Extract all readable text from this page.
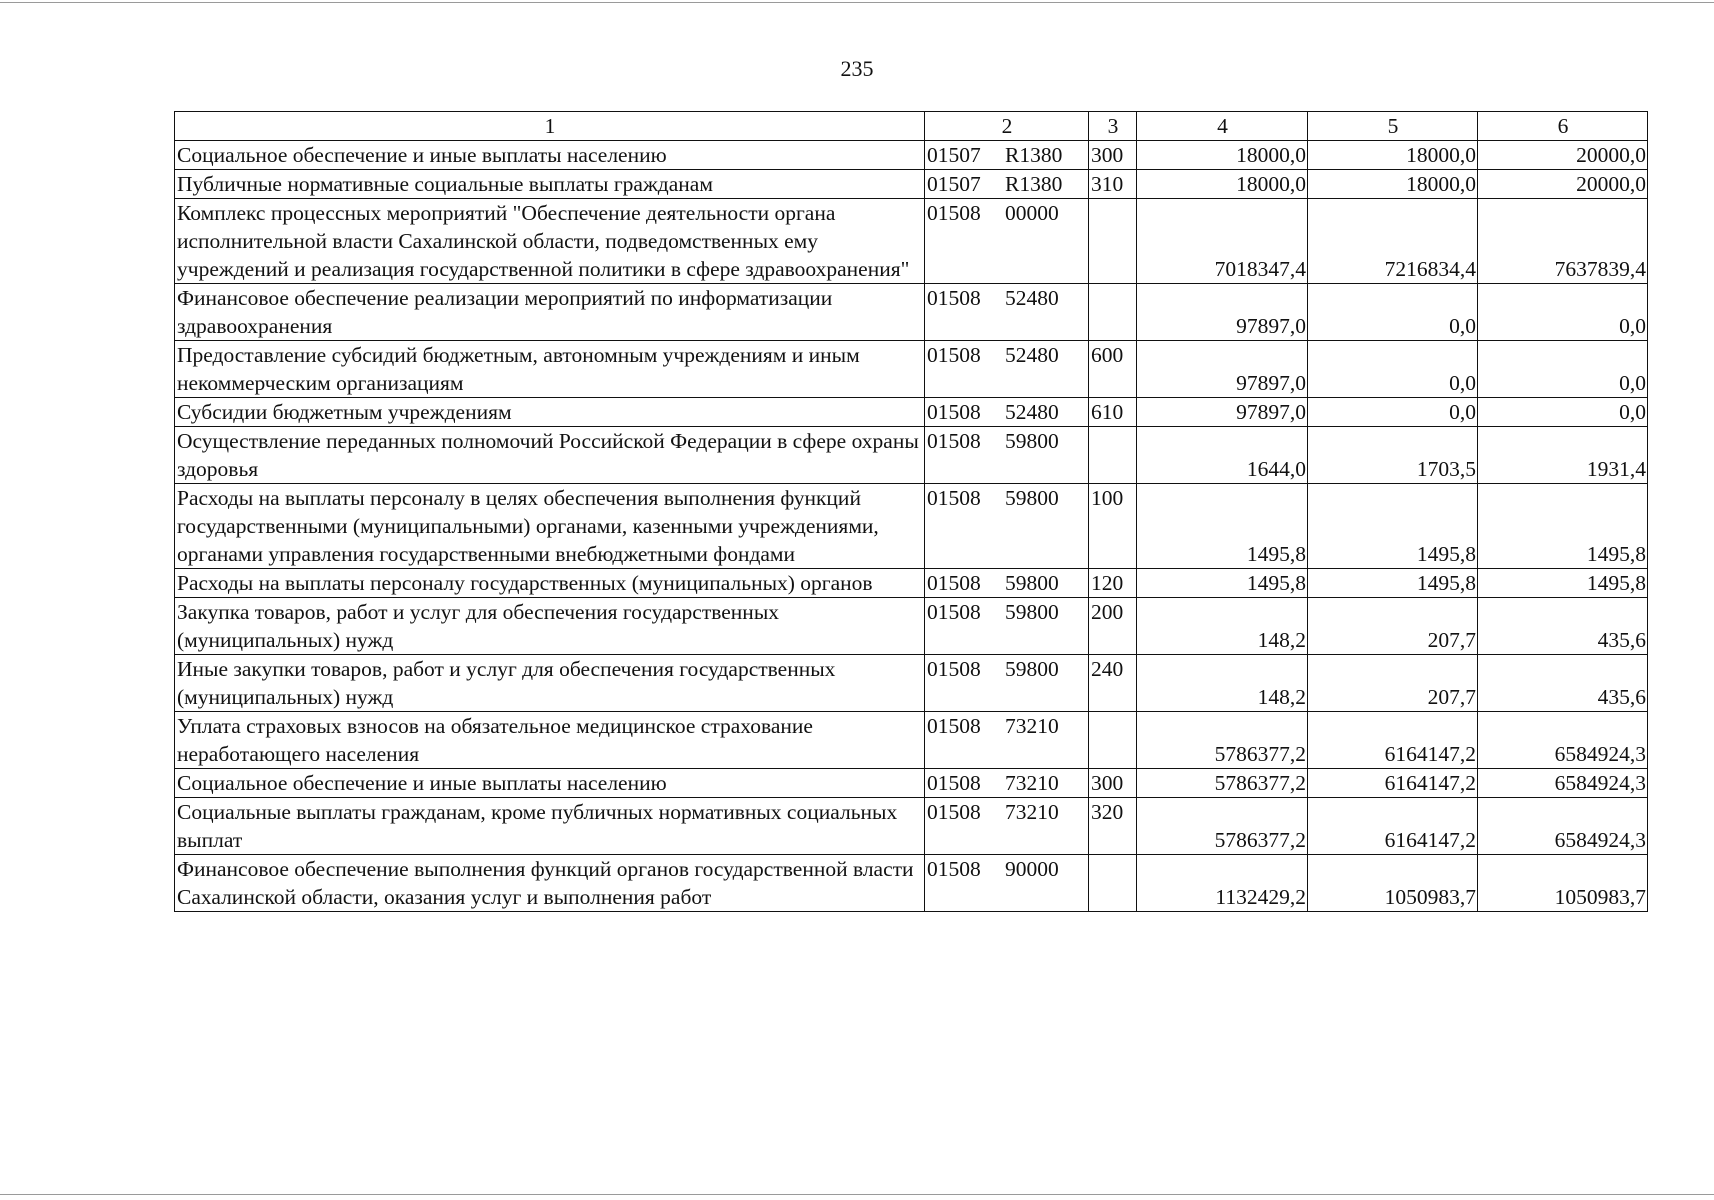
235
1	2	3	4	5	6
Социальное обеспечение и иные выплаты населению	01507 R1380	300	18000,0	18000,0	20000,0
Публичные нормативные социальные выплаты гражданам	01507 R1380	310	18000,0	18000,0	20000,0
Комплекс процессных мероприятий "Обеспечение деятельности органа исполнительной власти Сахалинской области, подведомственных ему учреждений и реализация государственной политики в сфере здравоохранения"	01508 00000		7018347,4	7216834,4	7637839,4
Финансовое обеспечение реализации мероприятий по информатизации здравоохранения	01508 52480		97897,0	0,0	0,0
Предоставление субсидий бюджетным, автономным учреждениям и иным некоммерческим организациям	01508 52480	600	97897,0	0,0	0,0
Субсидии бюджетным учреждениям	01508 52480	610	97897,0	0,0	0,0
Осуществление переданных полномочий Российской Федерации в сфере охраны здоровья	01508 59800		1644,0	1703,5	1931,4
Расходы на выплаты персоналу в целях обеспечения выполнения функций государственными (муниципальными) органами, казенными учреждениями, органами управления государственными внебюджетными фондами	01508 59800	100	1495,8	1495,8	1495,8
Расходы на выплаты персоналу государственных (муниципальных) органов	01508 59800	120	1495,8	1495,8	1495,8
Закупка товаров, работ и услуг для обеспечения государственных (муниципальных) нужд	01508 59800	200	148,2	207,7	435,6
Иные закупки товаров, работ и услуг для обеспечения государственных (муниципальных) нужд	01508 59800	240	148,2	207,7	435,6
Уплата страховых взносов на обязательное медицинское страхование неработающего населения	01508 73210		5786377,2	6164147,2	6584924,3
Социальное обеспечение и иные выплаты населению	01508 73210	300	5786377,2	6164147,2	6584924,3
Социальные выплаты гражданам, кроме публичных нормативных социальных выплат	01508 73210	320	5786377,2	6164147,2	6584924,3
Финансовое обеспечение выполнения функций органов государственной власти Сахалинской области, оказания услуг и выполнения работ	01508 90000		1132429,2	1050983,7	1050983,7
